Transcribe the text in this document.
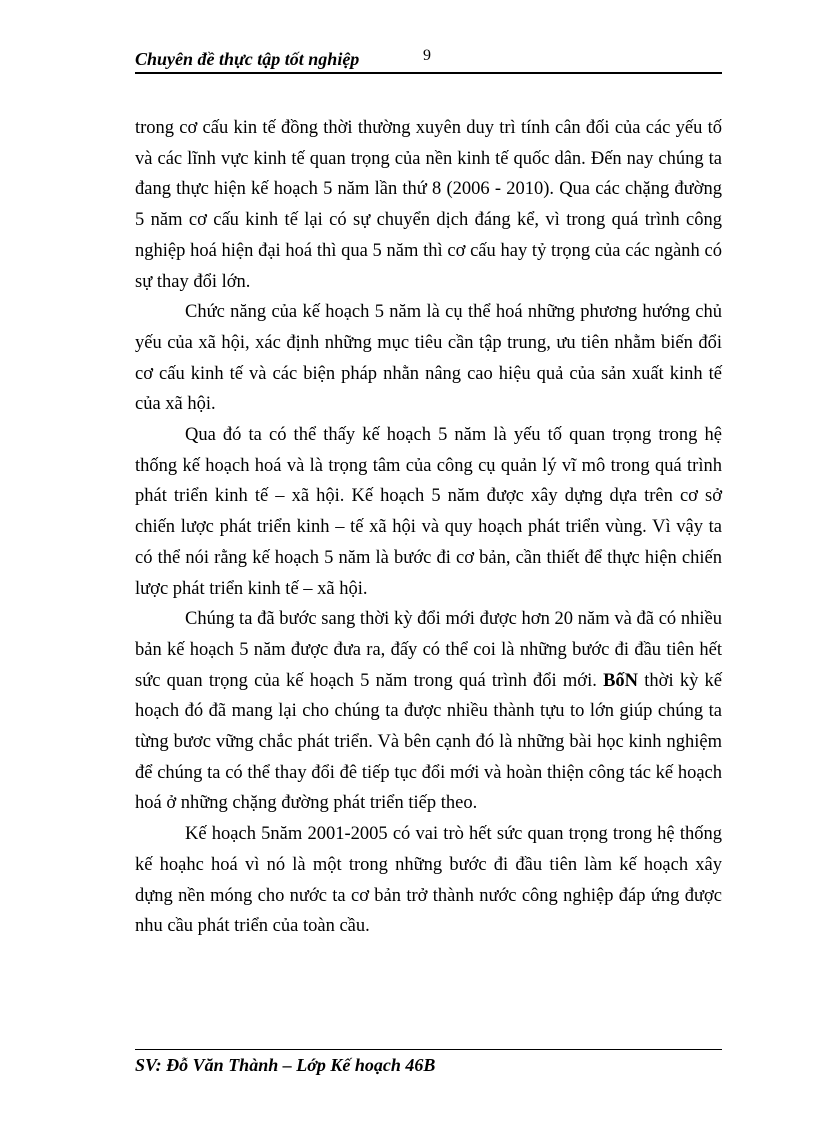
Chuyên đề thực tập tốt nghiệp	9

trong cơ cấu kin tế đồng thời thường xuyên duy trì tính cân đối của các yếu tố và các lĩnh vực kinh tế quan trọng của nền kinh tế quốc dân. Đến nay chúng ta đang thực hiện kế hoạch 5 năm lần thứ 8 (2006 - 2010). Qua các chặng đường 5 năm cơ cấu kinh tế lại có sự chuyển dịch đáng kể, vì trong quá trình công nghiệp hoá hiện đại hoá thì qua 5 năm thì cơ cấu hay tỷ trọng của các ngành có sự thay đổi lớn.

Chức năng của kế hoạch 5 năm là cụ thể hoá những phương hướng chủ yếu của xã hội, xác định những mục tiêu cần tập trung, ưu tiên nhằm biến đổi cơ cấu kinh tế và các biện pháp nhằn nâng cao hiệu quả của sản xuất kinh tế của xã hội.

Qua đó ta có thể thấy kế hoạch 5 năm là yếu tố quan trọng trong hệ thống kế hoạch hoá và là trọng tâm của công cụ quản lý vĩ mô trong quá trình phát triển kinh tế – xã hội. Kế hoạch 5 năm được xây dựng dựa trên cơ sở chiến lược phát triển kinh – tế xã hội và quy hoạch phát triển vùng. Vì vậy ta có thể nói rằng kế hoạch 5 năm là bước đi cơ bản, cần thiết để thực hiện chiến lược phát triển kinh tế – xã hội.

Chúng ta đã bước sang thời kỳ đổi mới được hơn 20 năm và đã có nhiều bản kế hoạch 5 năm được đưa ra, đấy có thể coi là những bước đi đầu tiên hết sức quan trọng của kế hoạch 5 năm trong quá trình đổi mới. BốN thời kỳ kế hoạch đó đã mang lại cho chúng ta được nhiều thành tựu to lớn giúp chúng ta từng bươc vững chắc phát triển. Và bên cạnh đó là những bài học kinh nghiệm để chúng ta có thể thay đổi đê tiếp tục đổi mới và hoàn thiện công tác kế hoạch hoá ở những chặng đường phát triển tiếp theo.

Kế hoạch 5năm 2001-2005 có vai trò hết sức quan trọng trong hệ thống kế hoạhc hoá vì nó là một trong những bước đi đầu tiên làm kế hoạch xây dựng nền móng cho nước ta cơ bản trở thành nước công nghiệp đáp ứng được nhu cầu phát triển của toàn cầu.

SV: Đỗ Văn Thành – Lớp Kế hoạch 46B
